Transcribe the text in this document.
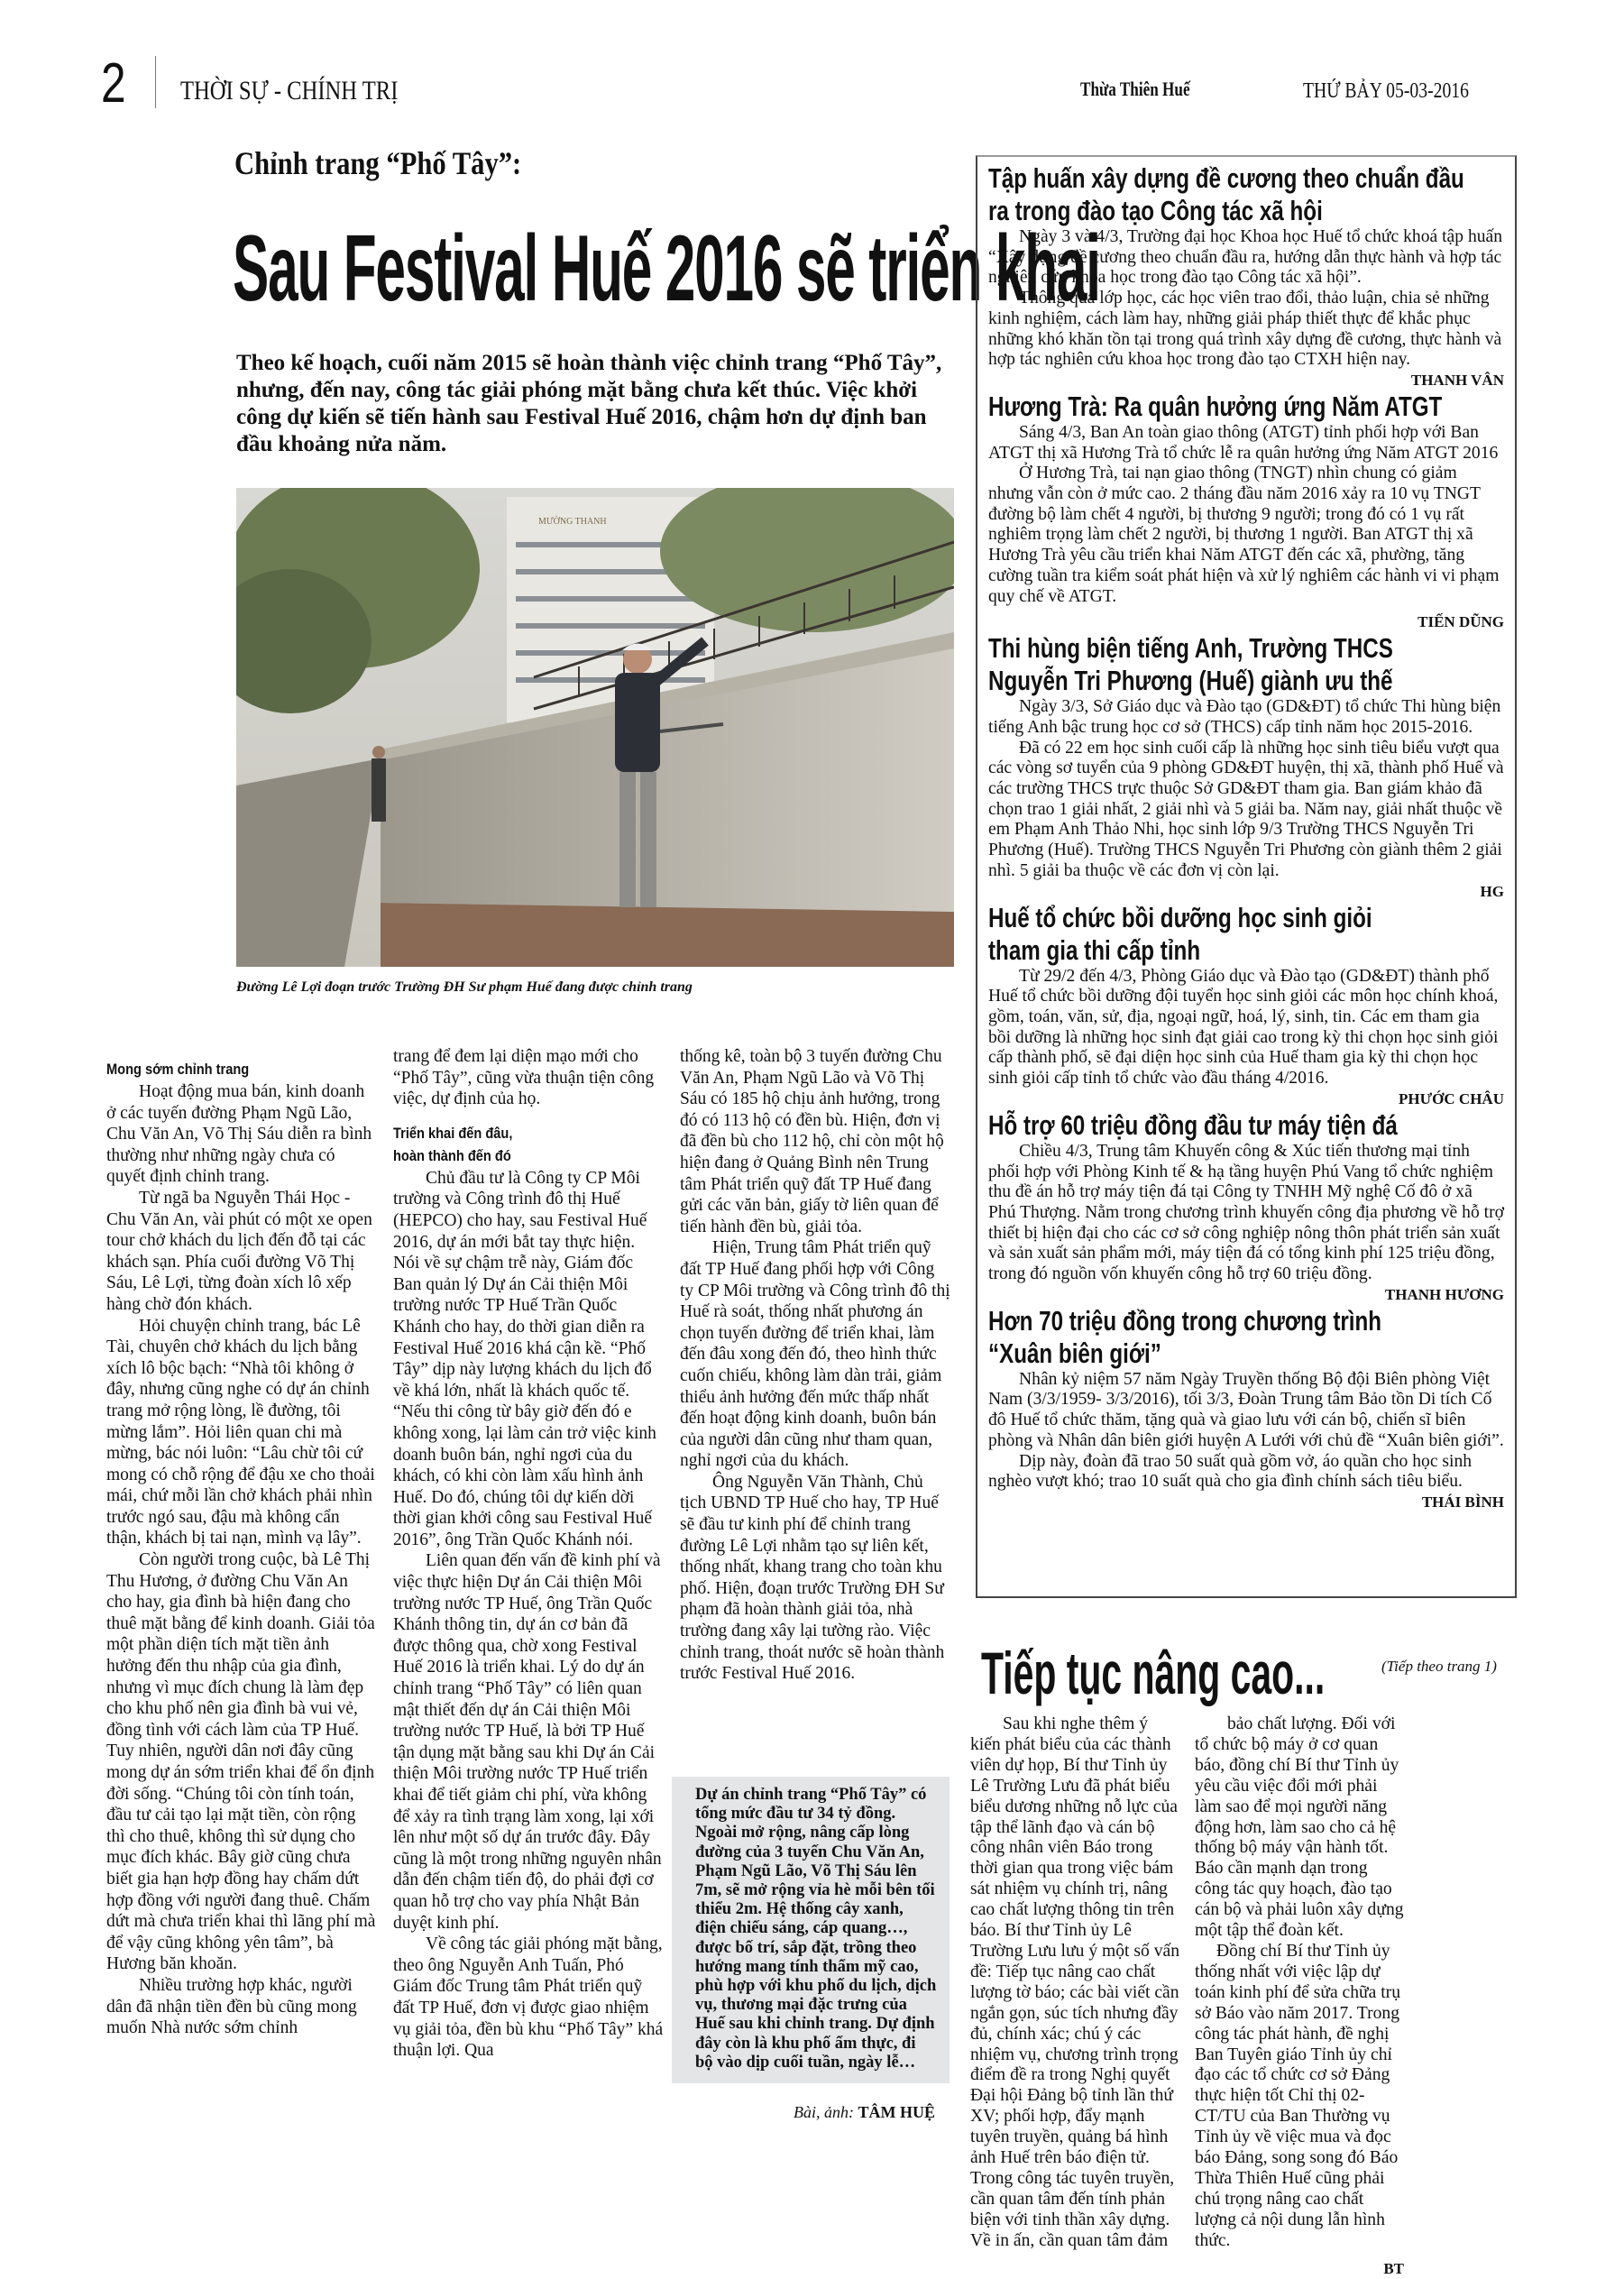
2 THỜI SỰ - CHÍNH TRỊ	Thừa Thiên Huế	THỨ BẢY 05-03-2016
Chỉnh trang “Phố Tây”:
Sau Festival Huế 2016 sẽ triển khai
Theo kế hoạch, cuối năm 2015 sẽ hoàn thành việc chỉnh trang “Phố Tây”, nhưng, đến nay, công tác giải phóng mặt bằng chưa kết thúc. Việc khởi công dự kiến sẽ tiến hành sau Festival Huế 2016, chậm hơn dự định ban đầu khoảng nửa năm.
MƯỜNG THANH
Đường Lê Lợi đoạn trước Trường ĐH Sư phạm Huế đang được chỉnh trang
Mong sớm chỉnh trang

Hoạt động mua bán, kinh doanh ở các tuyến đường Phạm Ngũ Lão, Chu Văn An, Võ Thị Sáu diễn ra bình thường như những ngày chưa có quyết định chỉnh trang.

Từ ngã ba Nguyễn Thái Học - Chu Văn An, vài phút có một xe open tour chở khách du lịch đến đỗ tại các khách sạn. Phía cuối đường Võ Thị Sáu, Lê Lợi, từng đoàn xích lô xếp hàng chờ đón khách.

Hỏi chuyện chỉnh trang, bác Lê Tài, chuyên chở khách du lịch bằng xích lô bộc bạch: “Nhà tôi không ở đây, nhưng cũng nghe có dự án chỉnh trang mở rộng lòng, lề đường, tôi mừng lắm”. Hỏi liên quan chi mà mừng, bác nói luôn: “Lâu chừ tôi cứ mong có chỗ rộng để đậu xe cho thoải mái, chứ mỗi lần chở khách phải nhìn trước ngó sau, đậu mà không cẩn thận, khách bị tai nạn, mình vạ lây”.

Còn người trong cuộc, bà Lê Thị Thu Hương, ở đường Chu Văn An cho hay, gia đình bà hiện đang cho thuê mặt bằng để kinh doanh. Giải tỏa một phần diện tích mặt tiền ảnh hưởng đến thu nhập của gia đình, nhưng vì mục đích chung là làm đẹp cho khu phố nên gia đình bà vui vẻ, đồng tình với cách làm của TP Huế. Tuy nhiên, người dân nơi đây cũng mong dự án sớm triển khai để ổn định đời sống. “Chúng tôi còn tính toán, đầu tư cải tạo lại mặt tiền, còn rộng thì cho thuê, không thì sử dụng cho mục đích khác. Bây giờ cũng chưa biết gia hạn hợp đồng hay chấm dứt hợp đồng với người đang thuê. Chấm dứt mà chưa triển khai thì lãng phí mà để vậy cũng không yên tâm”, bà Hương băn khoăn.

Nhiều trường hợp khác, người dân đã nhận tiền đền bù cũng mong muốn Nhà nước sớm chỉnh

trang để đem lại diện mạo mới cho “Phố Tây”, cũng vừa thuận tiện công việc, dự định của họ.

Triển khai đến đâu,
hoàn thành đến đó

Chủ đầu tư là Công ty CP Môi trường và Công trình đô thị Huế (HEPCO) cho hay, sau Festival Huế 2016, dự án mới bắt tay thực hiện. Nói về sự chậm trễ này, Giám đốc Ban quản lý Dự án Cải thiện Môi trường nước TP Huế Trần Quốc Khánh cho hay, do thời gian diễn ra Festival Huế 2016 khá cận kề. “Phố Tây” dịp này lượng khách du lịch đổ về khá lớn, nhất là khách quốc tế. “Nếu thi công từ bây giờ đến đó e không xong, lại làm cản trở việc kinh doanh buôn bán, nghỉ ngơi của du khách, có khi còn làm xấu hình ảnh Huế. Do đó, chúng tôi dự kiến dời thời gian khởi công sau Festival Huế 2016”, ông Trần Quốc Khánh nói.

Liên quan đến vấn đề kinh phí và việc thực hiện Dự án Cải thiện Môi trường nước TP Huế, ông Trần Quốc Khánh thông tin, dự án cơ bản đã được thông qua, chờ xong Festival Huế 2016 là triển khai. Lý do dự án chỉnh trang “Phố Tây” có liên quan mật thiết đến dự án Cải thiện Môi trường nước TP Huế, là bởi TP Huế tận dụng mặt bằng sau khi Dự án Cải thiện Môi trường nước TP Huế triển khai để tiết giảm chi phí, vừa không để xảy ra tình trạng làm xong, lại xới lên như một số dự án trước đây. Đây cũng là một trong những nguyên nhân dẫn đến chậm tiến độ, do phải đợi cơ quan hỗ trợ cho vay phía Nhật Bản duyệt kinh phí.

Về công tác giải phóng mặt bằng, theo ông Nguyễn Anh Tuấn, Phó Giám đốc Trung tâm Phát triển quỹ đất TP Huế, đơn vị được giao nhiệm vụ giải tỏa, đền bù khu “Phố Tây” khá thuận lợi. Qua

thống kê, toàn bộ 3 tuyến đường Chu Văn An, Phạm Ngũ Lão và Võ Thị Sáu có 185 hộ chịu ảnh hưởng, trong đó có 113 hộ có đền bù. Hiện, đơn vị đã đền bù cho 112 hộ, chỉ còn một hộ hiện đang ở Quảng Bình nên Trung tâm Phát triển quỹ đất TP Huế đang gửi các văn bản, giấy tờ liên quan để tiến hành đền bù, giải tỏa.

Hiện, Trung tâm Phát triển quỹ đất TP Huế đang phối hợp với Công ty CP Môi trường và Công trình đô thị Huế rà soát, thống nhất phương án chọn tuyến đường để triển khai, làm đến đâu xong đến đó, theo hình thức cuốn chiếu, không làm dàn trải, giảm thiểu ảnh hưởng đến mức thấp nhất đến hoạt động kinh doanh, buôn bán của người dân cũng như tham quan, nghỉ ngơi của du khách.

Ông Nguyễn Văn Thành, Chủ tịch UBND TP Huế cho hay, TP Huế sẽ đầu tư kinh phí để chỉnh trang đường Lê Lợi nhằm tạo sự liên kết, thống nhất, khang trang cho toàn khu phố. Hiện, đoạn trước Trường ĐH Sư phạm đã hoàn thành giải tỏa, nhà trường đang xây lại tường rào. Việc chỉnh trang, thoát nước sẽ hoàn thành trước Festival Huế 2016.

Dự án chỉnh trang “Phố Tây” có tổng mức đầu tư 34 tỷ đồng. Ngoài mở rộng, nâng cấp lòng đường của 3 tuyến Chu Văn An, Phạm Ngũ Lão, Võ Thị Sáu lên 7m, sẽ mở rộng vỉa hè mỗi bên tối thiểu 2m. Hệ thống cây xanh, điện chiếu sáng, cáp quang…, được bố trí, sắp đặt, trồng theo hướng mang tính thẩm mỹ cao, phù hợp với khu phố du lịch, dịch vụ, thương mại đặc trưng của Huế sau khi chỉnh trang. Dự định đây còn là khu phố ẩm thực, đi bộ vào dịp cuối tuần, ngày lễ…
Bài, ảnh: TÂM HUỆ
Tập huấn xây dựng đề cương theo chuẩn đầu
ra trong đào tạo Công tác xã hội

Ngày 3 và 4/3, Trường đại học Khoa học Huế tổ chức khoá tập huấn “Xây dựng đề cương theo chuẩn đầu ra, hướng dẫn thực hành và hợp tác nghiên cứu khoa học trong đào tạo Công tác xã hội”.

Thông qua lớp học, các học viên trao đổi, thảo luận, chia sẻ những kinh nghiệm, cách làm hay, những giải pháp thiết thực để khắc phục những khó khăn tồn tại trong quá trình xây dựng đề cương, thực hành và hợp tác nghiên cứu khoa học trong đào tạo CTXH hiện nay.

THANH VÂN
Hương Trà: Ra quân hưởng ứng Năm ATGT

Sáng 4/3, Ban An toàn giao thông (ATGT) tỉnh phối hợp với Ban ATGT thị xã Hương Trà tổ chức lễ ra quân hưởng ứng Năm ATGT 2016

Ở Hương Trà, tai nạn giao thông (TNGT) nhìn chung có giảm nhưng vẫn còn ở mức cao. 2 tháng đầu năm 2016 xảy ra 10 vụ TNGT đường bộ làm chết 4 người, bị thương 9 người; trong đó có 1 vụ rất nghiêm trọng làm chết 2 người, bị thương 1 người. Ban ATGT thị xã Hương Trà yêu cầu triển khai Năm ATGT đến các xã, phường, tăng cường tuần tra kiểm soát phát hiện và xử lý nghiêm các hành vi vi phạm quy chế về ATGT.

TIẾN DŨNG
Thi hùng biện tiếng Anh, Trường THCS
Nguyễn Tri Phương (Huế) giành ưu thế

Ngày 3/3, Sở Giáo dục và Đào tạo (GD&ĐT) tổ chức Thi hùng biện tiếng Anh bậc trung học cơ sở (THCS) cấp tỉnh năm học 2015-2016.

Đã có 22 em học sinh cuối cấp là những học sinh tiêu biểu vượt qua các vòng sơ tuyển của 9 phòng GD&ĐT huyện, thị xã, thành phố Huế và các trường THCS trực thuộc Sở GD&ĐT tham gia. Ban giám khảo đã chọn trao 1 giải nhất, 2 giải nhì và 5 giải ba. Năm nay, giải nhất thuộc về em Phạm Anh Thảo Nhi, học sinh lớp 9/3 Trường THCS Nguyễn Tri Phương (Huế). Trường THCS Nguyễn Tri Phương còn giành thêm 2 giải nhì. 5 giải ba thuộc về các đơn vị còn lại.

HG
Huế tổ chức bồi dưỡng học sinh giỏi
tham gia thi cấp tỉnh

Từ 29/2 đến 4/3, Phòng Giáo dục và Đào tạo (GD&ĐT) thành phố Huế tổ chức bồi dưỡng đội tuyển học sinh giỏi các môn học chính khoá, gồm, toán, văn, sử, địa, ngoại ngữ, hoá, lý, sinh, tin. Các em tham gia bồi dưỡng là những học sinh đạt giải cao trong kỳ thi chọn học sinh giỏi cấp thành phố, sẽ đại diện học sinh của Huế tham gia kỳ thi chọn học sinh giỏi cấp tỉnh tổ chức vào đầu tháng 4/2016.

PHƯỚC CHÂU
Hỗ trợ 60 triệu đồng đầu tư máy tiện đá

Chiều 4/3, Trung tâm Khuyến công & Xúc tiến thương mại tỉnh phối hợp với Phòng Kinh tế & hạ tầng huyện Phú Vang tổ chức nghiệm thu đề án hỗ trợ máy tiện đá tại Công ty TNHH Mỹ nghệ Cố đô ở xã Phú Thượng. Nằm trong chương trình khuyến công địa phương về hỗ trợ thiết bị hiện đại cho các cơ sở công nghiệp nông thôn phát triển sản xuất và sản xuất sản phẩm mới, máy tiện đá có tổng kinh phí 125 triệu đồng, trong đó nguồn vốn khuyến công hỗ trợ 60 triệu đồng.

THANH HƯƠNG
Hơn 70 triệu đồng trong chương trình
“Xuân biên giới”

Nhân kỷ niệm 57 năm Ngày Truyền thống Bộ đội Biên phòng Việt Nam (3/3/1959- 3/3/2016), tối 3/3, Đoàn Trung tâm Bảo tồn Di tích Cố đô Huế tổ chức thăm, tặng quà và giao lưu với cán bộ, chiến sĩ biên phòng và Nhân dân biên giới huyện A Lưới với chủ đề “Xuân biên giới”.

Dịp này, đoàn đã trao 50 suất quà gồm vở, áo quần cho học sinh nghèo vượt khó; trao 10 suất quà cho gia đình chính sách tiêu biểu.

THÁI BÌNH
Tiếp tục nâng cao...	(Tiếp theo trang 1)

Sau khi nghe thêm ý kiến phát biểu của các thành viên dự họp, Bí thư Tỉnh ủy Lê Trường Lưu đã phát biểu biểu dương những nỗ lực của tập thể lãnh đạo và cán bộ công nhân viên Báo trong thời gian qua trong việc bám sát nhiệm vụ chính trị, nâng cao chất lượng thông tin trên báo. Bí thư Tỉnh ủy Lê Trường Lưu lưu ý một số vấn đề: Tiếp tục nâng cao chất lượng tờ báo; các bài viết cần ngắn gọn, súc tích nhưng đầy đủ, chính xác; chú ý các nhiệm vụ, chương trình trọng điểm đề ra trong Nghị quyết Đại hội Đảng bộ tỉnh lần thứ XV; phối hợp, đẩy mạnh tuyên truyền, quảng bá hình ảnh Huế trên báo điện tử. Trong công tác tuyên truyền, cần quan tâm đến tính phản biện với tinh thần xây dựng. Về in ấn, cần quan tâm đảm

bảo chất lượng. Đối với tổ chức bộ máy ở cơ quan báo, đồng chí Bí thư Tỉnh ủy yêu cầu việc đổi mới phải làm sao để mọi người năng động hơn, làm sao cho cả hệ thống bộ máy vận hành tốt. Báo cần mạnh dạn trong công tác quy hoạch, đào tạo cán bộ và phải luôn xây dựng một tập thể đoàn kết.

Đồng chí Bí thư Tỉnh ủy thống nhất với việc lập dự toán kinh phí để sửa chữa trụ sở Báo vào năm 2017. Trong công tác phát hành, đề nghị Ban Tuyên giáo Tỉnh ủy chỉ đạo các tổ chức cơ sở Đảng thực hiện tốt Chỉ thị 02-CT/TU của Ban Thường vụ Tỉnh ủy về việc mua và đọc báo Đảng, song song đó Báo Thừa Thiên Huế cũng phải chú trọng nâng cao chất lượng cả nội dung lẫn hình thức.

BT
